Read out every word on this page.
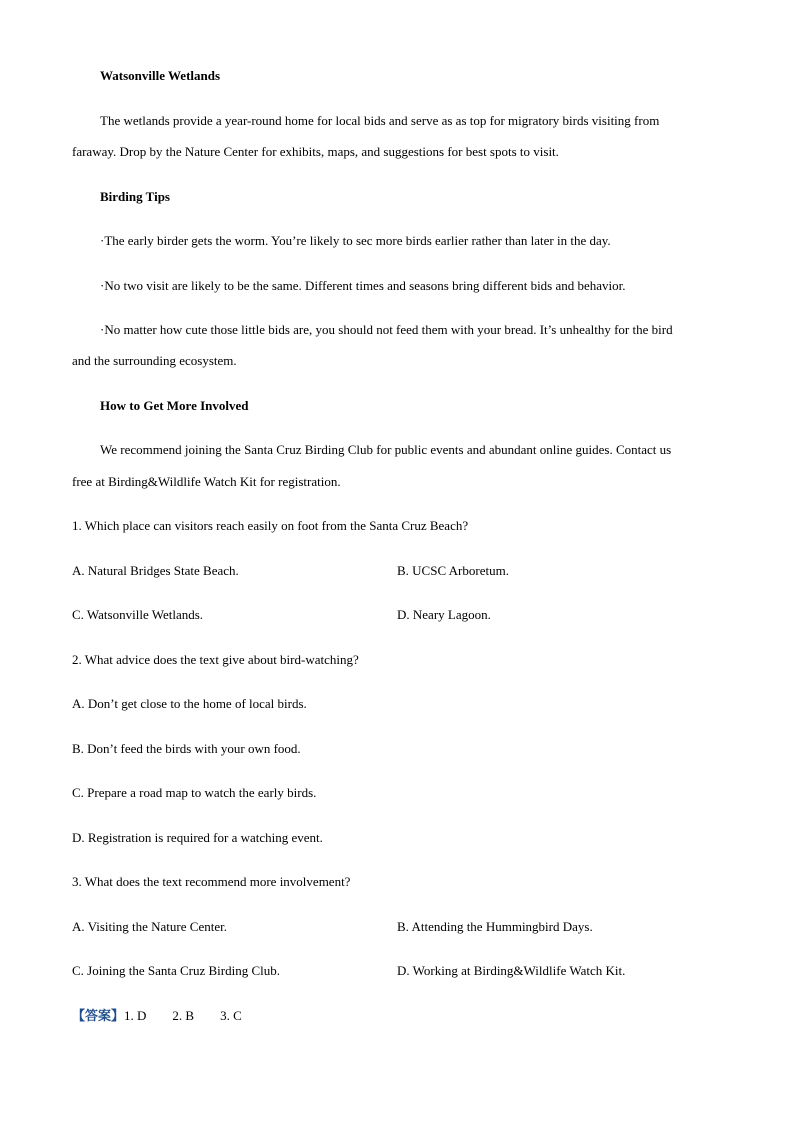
Watsonville Wetlands
The wetlands provide a year-round home for local bids and serve as as top for migratory birds visiting from
faraway. Drop by the Nature Center for exhibits, maps, and suggestions for best spots to visit.
Birding Tips
·The early birder gets the worm. You’re likely to sec more birds earlier rather than later in the day.
·No two visit are likely to be the same. Different times and seasons bring different bids and behavior.
·No matter how cute those little bids are, you should not feed them with your bread. It’s unhealthy for the bird
and the surrounding ecosystem.
How to Get More Involved
We recommend joining the Santa Cruz Birding Club for public events and abundant online guides. Contact us
free at Birding&Wildlife Watch Kit for registration.
1. Which place can visitors reach easily on foot from the Santa Cruz Beach?
A. Natural Bridges State Beach.	B. UCSC Arboretum.
C. Watsonville Wetlands.	D. Neary Lagoon.
2. What advice does the text give about bird-watching?
A. Don’t get close to the home of local birds.
B. Don’t feed the birds with your own food.
C. Prepare a road map to watch the early birds.
D. Registration is required for a watching event.
3. What does the text recommend more involvement?
A. Visiting the Nature Center.	B. Attending the Hummingbird Days.
C. Joining the Santa Cruz Birding Club.	D. Working at Birding&Wildlife Watch Kit.
【答案】1. D        2. B        3. C
